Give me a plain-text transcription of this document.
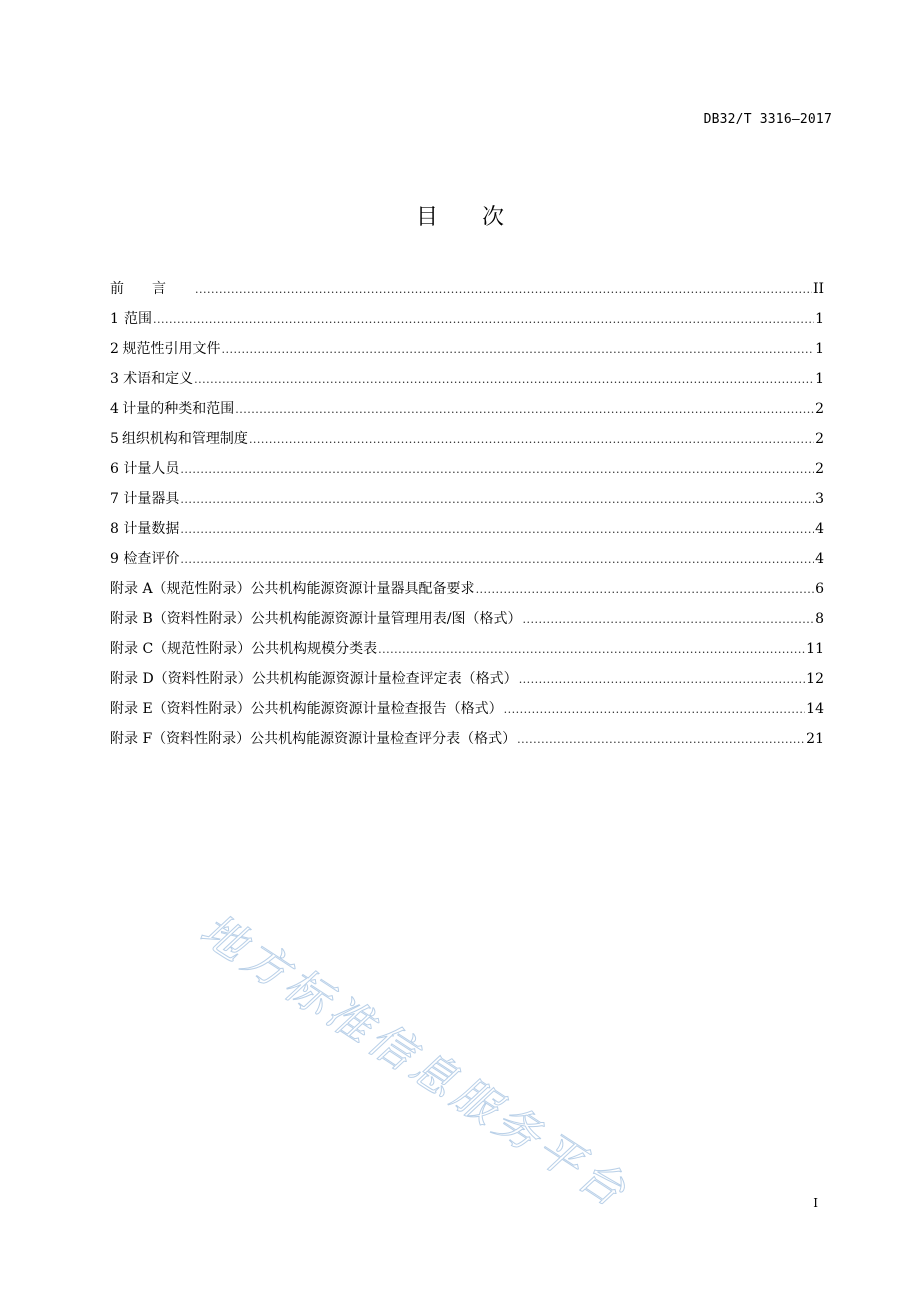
DB32/T 3316—2017
目次
前言 .....	II
1 范围 .....	1
2 规范性引用文件 .....	1
3 术语和定义 .....	1
4 计量的种类和范围 .....	2
5 组织机构和管理制度 .....	2
6 计量人员 .....	2
7 计量器具 .....	3
8 计量数据 .....	4
9 检查评价 .....	4
附录 A（规范性附录） 公共机构能源资源计量器具配备要求 .....	6
附录 B（资料性附录） 公共机构能源资源计量管理用表/图（格式） .....	8
附录 C（规范性附录） 公共机构规模分类表 .....	11
附录 D（资料性附录） 公共机构能源资源计量检查评定表（格式） .....	12
附录 E（资料性附录） 公共机构能源资源计量检查报告（格式） .....	14
附录 F（资料性附录） 公共机构能源资源计量检查评分表（格式） .....	21
地方标准信息服务平台	I
